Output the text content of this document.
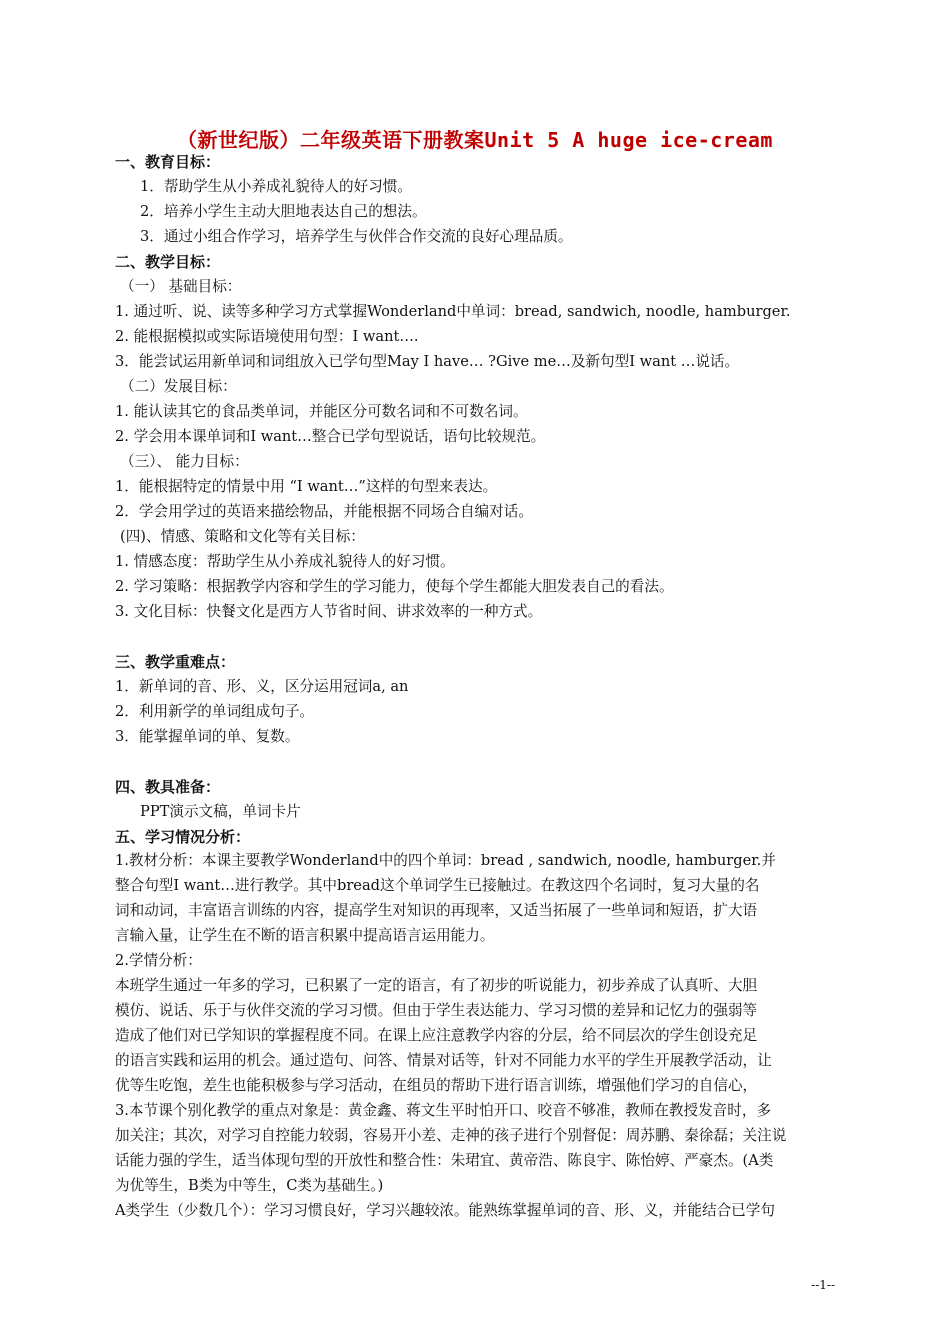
（新世纪版）二年级英语下册教案Unit 5 A huge ice-cream
一、教育目标：
1．帮助学生从小养成礼貌待人的好习惯。
2．培养小学生主动大胆地表达自己的想法。
3．通过小组合作学习，培养学生与伙伴合作交流的良好心理品质。
二、教学目标：
（一） 基础目标：
1. 通过听、说、读等多种学习方式掌握Wonderland中单词：bread, sandwich, noodle, hamburger.
2. 能根据模拟或实际语境使用句型：I want….
3．能尝试运用新单词和词组放入已学句型May I have… ?Give me…及新句型I want …说话。
（二）发展目标：
1. 能认读其它的食品类单词，并能区分可数名词和不可数名词。
2. 学会用本课单词和I want…整合已学句型说话，语句比较规范。
（三）、 能力目标：
1．能根据特定的情景中用 “I want…”这样的句型来表达。
2．学会用学过的英语来描绘物品，并能根据不同场合自编对话。
(四)、情感、策略和文化等有关目标：
1. 情感态度：帮助学生从小养成礼貌待人的好习惯。
2. 学习策略：根据教学内容和学生的学习能力，使每个学生都能大胆发表自己的看法。
3. 文化目标：快餐文化是西方人节省时间、讲求效率的一种方式。
三、教学重难点：
1．新单词的音、形、义，区分运用冠词a, an
2．利用新学的单词组成句子。
3．能掌握单词的单、复数。
四、教具准备：
PPT演示文稿，单词卡片
五、学习情况分析：
1.教材分析：本课主要教学Wonderland中的四个单词：bread , sandwich, noodle, hamburger.并
整合句型I want…进行教学。其中bread这个单词学生已接触过。在教这四个名词时，复习大量的名
词和动词，丰富语言训练的内容，提高学生对知识的再现率，又适当拓展了一些单词和短语，扩大语
言输入量，让学生在不断的语言积累中提高语言运用能力。
2.学情分析：
本班学生通过一年多的学习，已积累了一定的语言，有了初步的听说能力，初步养成了认真听、大胆
模仿、说话、乐于与伙伴交流的学习习惯。但由于学生表达能力、学习习惯的差异和记忆力的强弱等
造成了他们对已学知识的掌握程度不同。在课上应注意教学内容的分层，给不同层次的学生创设充足
的语言实践和运用的机会。通过造句、问答、情景对话等，针对不同能力水平的学生开展教学活动，让
优等生吃饱，差生也能积极参与学习活动，在组员的帮助下进行语言训练，增强他们学习的自信心，
3.本节课个别化教学的重点对象是：黄金鑫、蒋文生平时怕开口、咬音不够准，教师在教授发音时，多
加关注；其次，对学习自控能力较弱，容易开小差、走神的孩子进行个别督促：周苏鹏、秦徐磊；关注说
话能力强的学生，适当体现句型的开放性和整合性：朱珺宜、黄帝浩、陈良宇、陈怡婷、严豪杰。(A类
为优等生，B类为中等生，C类为基础生。)
A类学生（少数几个）：学习习惯良好，学习兴趣较浓。能熟练掌握单词的音、形、义，并能结合已学句
--1--
